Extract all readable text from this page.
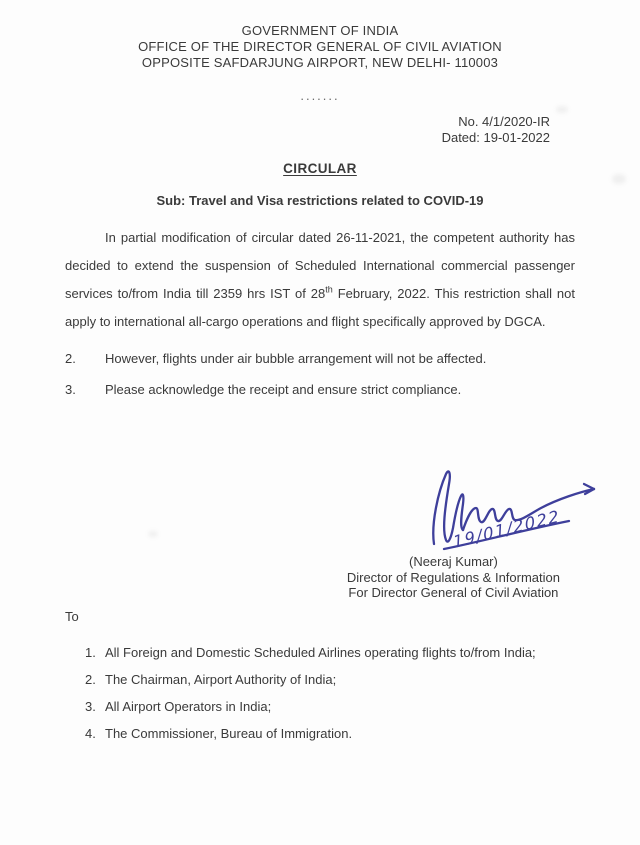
GOVERNMENT OF INDIA
OFFICE OF THE DIRECTOR GENERAL OF CIVIL AVIATION
OPPOSITE SAFDARJUNG AIRPORT, NEW DELHI- 110003
.......
No. 4/1/2020-IR
Dated: 19-01-2022
CIRCULAR
Sub: Travel and Visa restrictions related to COVID-19
In partial modification of circular dated 26-11-2021, the competent authority has decided to extend the suspension of Scheduled International commercial passenger services to/from India till 2359 hrs IST of 28th February, 2022. This restriction shall not apply to international all-cargo operations and flight specifically approved by DGCA.
2.	However, flights under air bubble arrangement will not be affected.
3.	Please acknowledge the receipt and ensure strict compliance.
19/01/2022
(Neeraj Kumar)
Director of Regulations & Information
For Director General of Civil Aviation
To
1. All Foreign and Domestic Scheduled Airlines operating flights to/from India;
2. The Chairman, Airport Authority of India;
3. All Airport Operators in India;
4. The Commissioner, Bureau of Immigration.
